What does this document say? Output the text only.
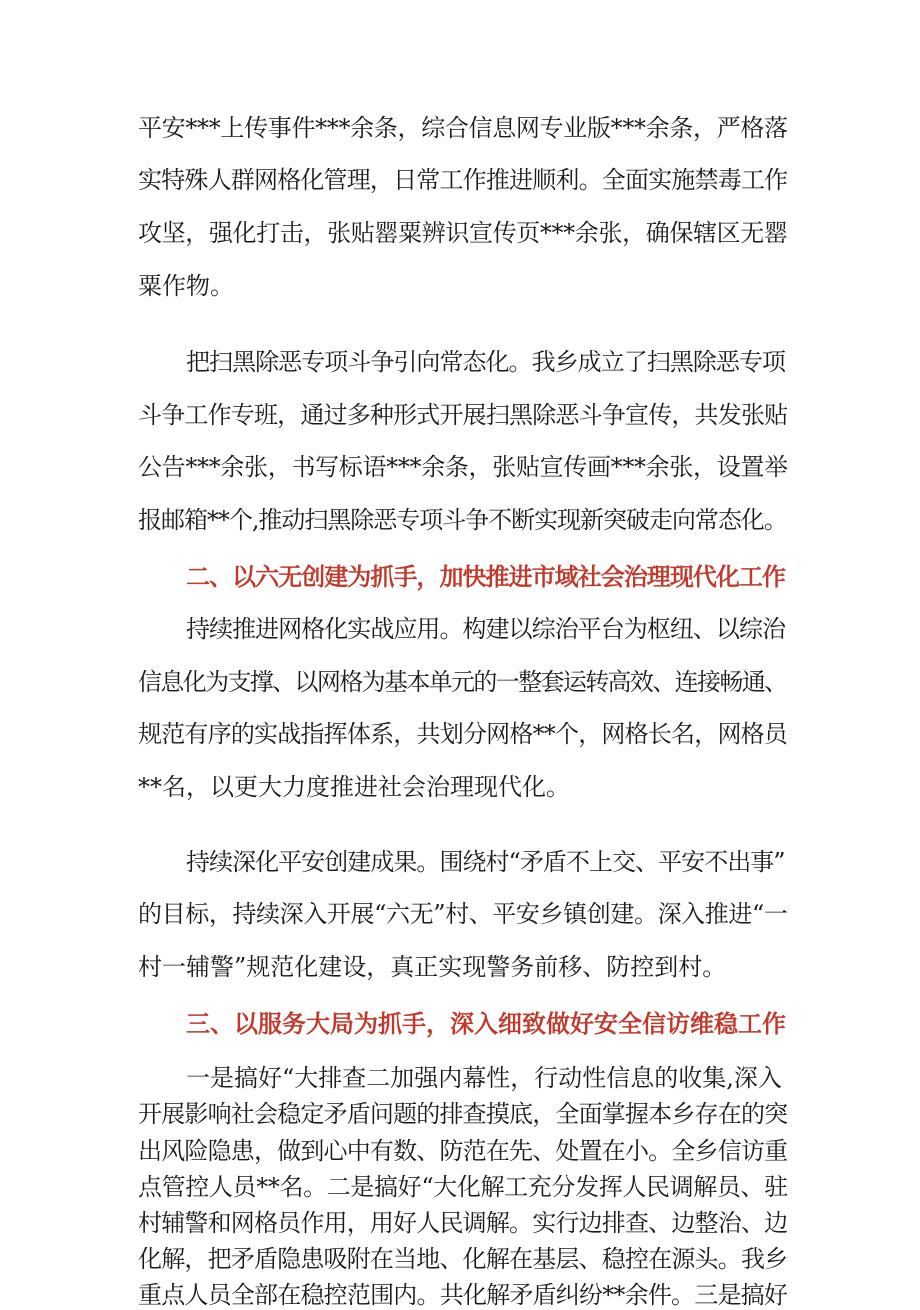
平安***上传事件***余条，综合信息网专业版***余条，严格落
实特殊人群网格化管理，日常工作推进顺利。全面实施禁毒工作
攻坚，强化打击，张贴罂粟辨识宣传页***余张，确保辖区无罂
粟作物。
把扫黑除恶专项斗争引向常态化。我乡成立了扫黑除恶专项
斗争工作专班，通过多种形式开展扫黑除恶斗争宣传，共发张贴
公告***余张，书写标语***余条，张贴宣传画***余张，设置举
报邮箱**个,推动扫黑除恶专项斗争不断实现新突破走向常态化。
二、以六无创建为抓手，加快推进市域社会治理现代化工作
持续推进网格化实战应用。构建以综治平台为枢纽、以综治
信息化为支撑、以网格为基本单元的一整套运转高效、连接畅通、
规范有序的实战指挥体系，共划分网格**个，网格长名，网格员
**名，以更大力度推进社会治理现代化。
持续深化平安创建成果。围绕村“矛盾不上交、平安不出事”
的目标，持续深入开展“六无”村、平安乡镇创建。深入推进“一
村一辅警”规范化建设，真正实现警务前移、防控到村。
三、以服务大局为抓手，深入细致做好安全信访维稳工作
一是搞好“大排查二加强内幕性，行动性信息的收集,深入
开展影响社会稳定矛盾问题的排查摸底，全面掌握本乡存在的突
出风险隐患，做到心中有数、防范在先、处置在小。全乡信访重
点管控人员**名。二是搞好“大化解工充分发挥人民调解员、驻
村辅警和网格员作用，用好人民调解。实行边排查、边整治、边
化解，把矛盾隐患吸附在当地、化解在基层、稳控在源头。我乡
重点人员全部在稳控范围内。共化解矛盾纠纷**余件。三是搞好
